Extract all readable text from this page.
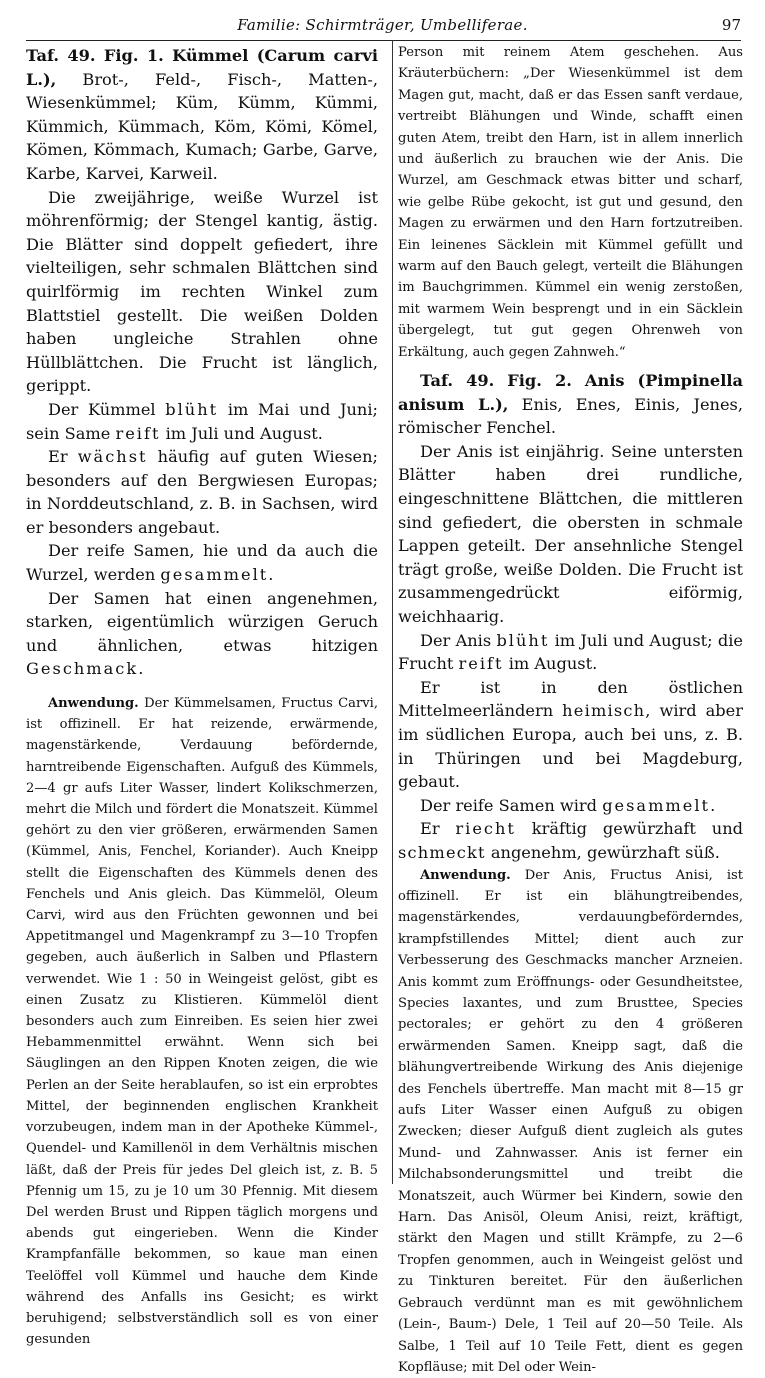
Familie: Schirmträger, Umbelliferae.	97

Taf. 49. Fig. 1. Kümmel (Carum carvi L.), Brot-, Feld-, Fisch-, Matten-, Wiesenkümmel; Küm, Kümm, Kümmi, Kümmich, Kümmach, Köm, Kömi, Kömel, Kömen, Kömmach, Kumach; Garbe, Garve, Karbe, Karvei, Karweil.

Die zweijährige, weiße Wurzel ist möhrenförmig; der Stengel kantig, ästig. Die Blätter sind doppelt gefiedert, ihre vielteiligen, sehr schmalen Blättchen sind quirlförmig im rechten Winkel zum Blattstiel gestellt. Die weißen Dolden haben ungleiche Strahlen ohne Hüllblättchen. Die Frucht ist länglich, gerippt.

Der Kümmel blüht im Mai und Juni; sein Same reift im Juli und August.

Er wächst häufig auf guten Wiesen; besonders auf den Bergwiesen Europas; in Norddeutschland, z. B. in Sachsen, wird er besonders angebaut.

Der reife Samen, hie und da auch die Wurzel, werden gesammelt.

Der Samen hat einen angenehmen, starken, eigentümlich würzigen Geruch und ähnlichen, etwas hitzigen Geschmack.

Anwendung. Der Kümmelsamen, Fructus Carvi, ist offizinell. Er hat reizende, erwärmende, magenstärkende, Verdauung befördernde, harntreibende Eigenschaften. Aufguß des Kümmels, 2—4 gr aufs Liter Wasser, lindert Kolikschmerzen, mehrt die Milch und fördert die Monatszeit. Kümmel gehört zu den vier größeren, erwärmenden Samen (Kümmel, Anis, Fenchel, Koriander). Auch Kneipp stellt die Eigenschaften des Kümmels denen des Fenchels und Anis gleich. Das Kümmelöl, Oleum Carvi, wird aus den Früchten gewonnen und bei Appetitmangel und Magenkrampf zu 3—10 Tropfen gegeben, auch äußerlich in Salben und Pflastern verwendet. Wie 1 : 50 in Weingeist gelöst, gibt es einen Zusatz zu Klistieren. Kümmelöl dient besonders auch zum Einreiben. Es seien hier zwei Hebammenmittel erwähnt. Wenn sich bei Säuglingen an den Rippen Knoten zeigen, die wie Perlen an der Seite herablaufen, so ist ein erprobtes Mittel, der beginnenden englischen Krankheit vorzubeugen, indem man in der Apotheke Kümmel-, Quendel- und Kamillenöl in dem Verhältnis mischen läßt, daß der Preis für jedes Del gleich ist, z. B. 5 Pfennig um 15, zu je 10 um 30 Pfennig. Mit diesem Del werden Brust und Rippen täglich morgens und abends gut eingerieben. Wenn die Kinder Krampfanfälle bekommen, so kaue man einen Teelöffel voll Kümmel und hauche dem Kinde während des Anfalls ins Gesicht; es wirkt beruhigend; selbstverständlich soll es von einer gesunden

Person mit reinem Atem geschehen. Aus Kräuterbüchern: „Der Wiesenkümmel ist dem Magen gut, macht, daß er das Essen sanft verdaue, vertreibt Blähungen und Winde, schafft einen guten Atem, treibt den Harn, ist in allem innerlich und äußerlich zu brauchen wie der Anis. Die Wurzel, am Geschmack etwas bitter und scharf, wie gelbe Rübe gekocht, ist gut und gesund, den Magen zu erwärmen und den Harn fortzutreiben. Ein leinenes Säcklein mit Kümmel gefüllt und warm auf den Bauch gelegt, verteilt die Blähungen im Bauchgrimmen. Kümmel ein wenig zerstoßen, mit warmem Wein besprengt und in ein Säcklein übergelegt, tut gut gegen Ohrenweh von Erkältung, auch gegen Zahnweh.“

Taf. 49. Fig. 2. Anis (Pimpinella anisum L.), Enis, Enes, Einis, Jenes, römischer Fenchel.

Der Anis ist einjährig. Seine untersten Blätter haben drei rundliche, eingeschnittene Blättchen, die mittleren sind gefiedert, die obersten in schmale Lappen geteilt. Der ansehnliche Stengel trägt große, weiße Dolden. Die Frucht ist zusammengedrückt eiförmig, weichhaarig.

Der Anis blüht im Juli und August; die Frucht reift im August.

Er ist in den östlichen Mittelmeerländern heimisch, wird aber im südlichen Europa, auch bei uns, z. B. in Thüringen und bei Magdeburg, gebaut.

Der reife Samen wird gesammelt.

Er riecht kräftig gewürzhaft und schmeckt angenehm, gewürzhaft süß.

Anwendung. Der Anis, Fructus Anisi, ist offizinell. Er ist ein blähungtreibendes, magenstärkendes, verdauungbeförderndes, krampfstillendes Mittel; dient auch zur Verbesserung des Geschmacks mancher Arzneien. Anis kommt zum Eröffnungs- oder Gesundheitstee, Species laxantes, und zum Brusttee, Species pectorales; er gehört zu den 4 größeren erwärmenden Samen. Kneipp sagt, daß die blähungvertreibende Wirkung des Anis diejenige des Fenchels übertreffe. Man macht mit 8—15 gr aufs Liter Wasser einen Aufguß zu obigen Zwecken; dieser Aufguß dient zugleich als gutes Mund- und Zahnwasser. Anis ist ferner ein Milchabsonderungsmittel und treibt die Monatszeit, auch Würmer bei Kindern, sowie den Harn. Das Anisöl, Oleum Anisi, reizt, kräftigt, stärkt den Magen und stillt Krämpfe, zu 2—6 Tropfen genommen, auch in Weingeist gelöst und zu Tinkturen bereitet. Für den äußerlichen Gebrauch verdünnt man es mit gewöhnlichem (Lein-, Baum-) Dele, 1 Teil auf 20—50 Teile. Als Salbe, 1 Teil auf 10 Teile Fett, dient es gegen Kopfläuse; mit Del oder Wein-
